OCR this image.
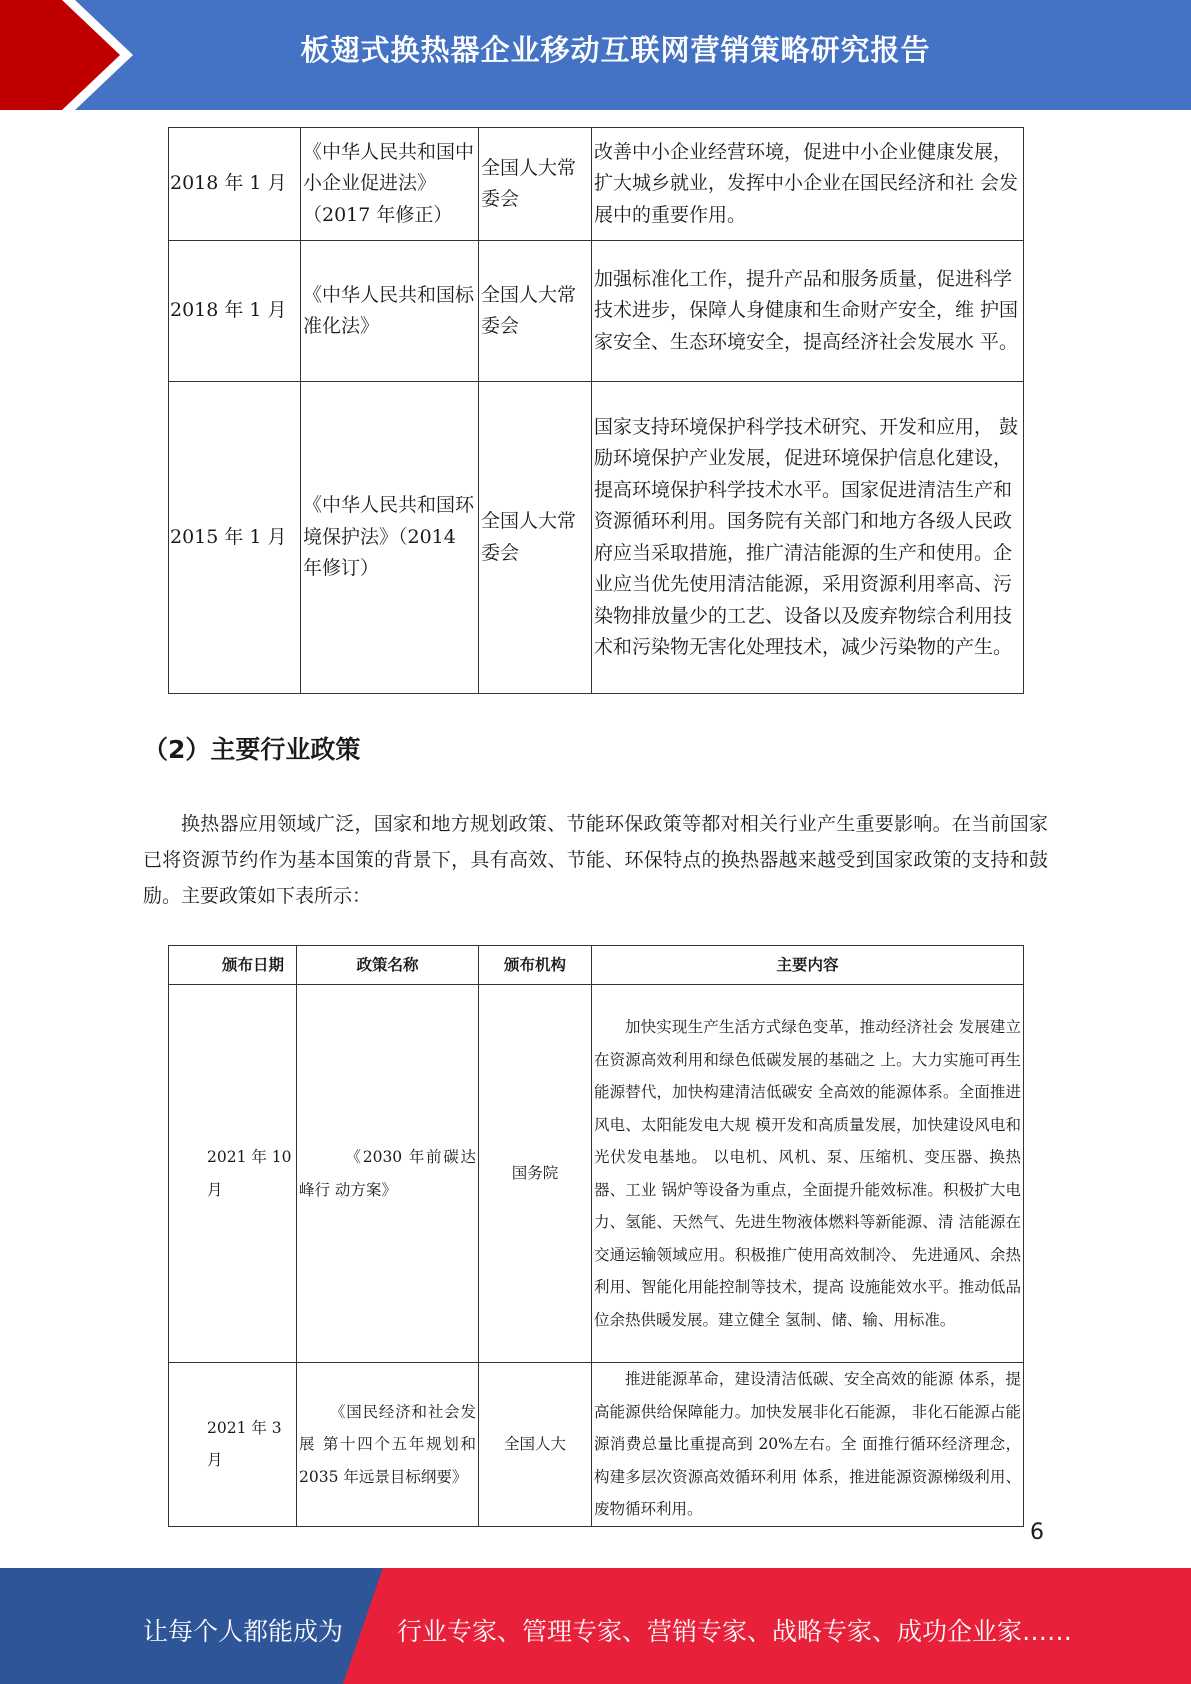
板翅式换热器企业移动互联网营销策略研究报告
2018 年 1 月	《中华人民共和国中小企业促进法》（2017 年修正）	全国人大常委会	改善中小企业经营环境，促进中小企业健康发展，扩大城乡就业，发挥中小企业在国民经济和社 会发展中的重要作用。
2018 年 1 月	《中华人民共和国标准化法》	全国人大常委会	加强标准化工作，提升产品和服务质量，促进科学技术进步，保障人身健康和生命财产安全，维 护国家安全、生态环境安全，提高经济社会发展水 平。
2015 年 1 月	《中华人民共和国环境保护法》（2014 年修订）	全国人大常委会	国家支持环境保护科学技术研究、开发和应用， 鼓励环境保护产业发展，促进环境保护信息化建设， 提高环境保护科学技术水平。国家促进清洁生产和 资源循环利用。国务院有关部门和地方各级人民政 府应当采取措施，推广清洁能源的生产和使用。企 业应当优先使用清洁能源，采用资源利用率高、污染物排放量少的工艺、设备以及废弃物综合利用技 术和污染物无害化处理技术，减少污染物的产生。
（2）主要行业政策
换热器应用领域广泛，国家和地方规划政策、节能环保政策等都对相关行业产生重要影响。在当前国家已将资源节约作为基本国策的背景下，具有高效、节能、环保特点的换热器越来越受到国家政策的支持和鼓励。主要政策如下表所示：
颁布日期	政策名称	颁布机构	主要内容

2021 年 10 月	《2030 年前碳达峰行 动方案》	国务院	加快实现生产生活方式绿色变革，推动经济社会 发展建立在资源高效利用和绿色低碳发展的基础之 上。大力实施可再生能源替代，加快构建清洁低碳安 全高效的能源体系。全面推进风电、太阳能发电大规 模开发和高质量发展，加快建设风电和光伏发电基地。 以电机、风机、泵、压缩机、变压器、换热器、工业 锅炉等设备为重点，全面提升能效标准。积极扩大电 力、氢能、天然气、先进生物液体燃料等新能源、清 洁能源在交通运输领域应用。积极推广使用高效制冷、 先进通风、余热利用、智能化用能控制等技术，提高 设施能效水平。推动低品位余热供暖发展。建立健全 氢制、储、输、用标准。

2021 年 3 月	《国民经济和社会发展 第十四个五年规划和 2035 年远景目标纲要》	全国人大	推进能源革命，建设清洁低碳、安全高效的能源 体系，提高能源供给保障能力。加快发展非化石能源， 非化石能源占能源消费总量比重提高到 20%左右。全 面推行循环经济理念，构建多层次资源高效循环利用 体系，推进能源资源梯级利用、废物循环利用。
6
让每个人都能成为 行业专家、管理专家、营销专家、战略专家、成功企业家……
